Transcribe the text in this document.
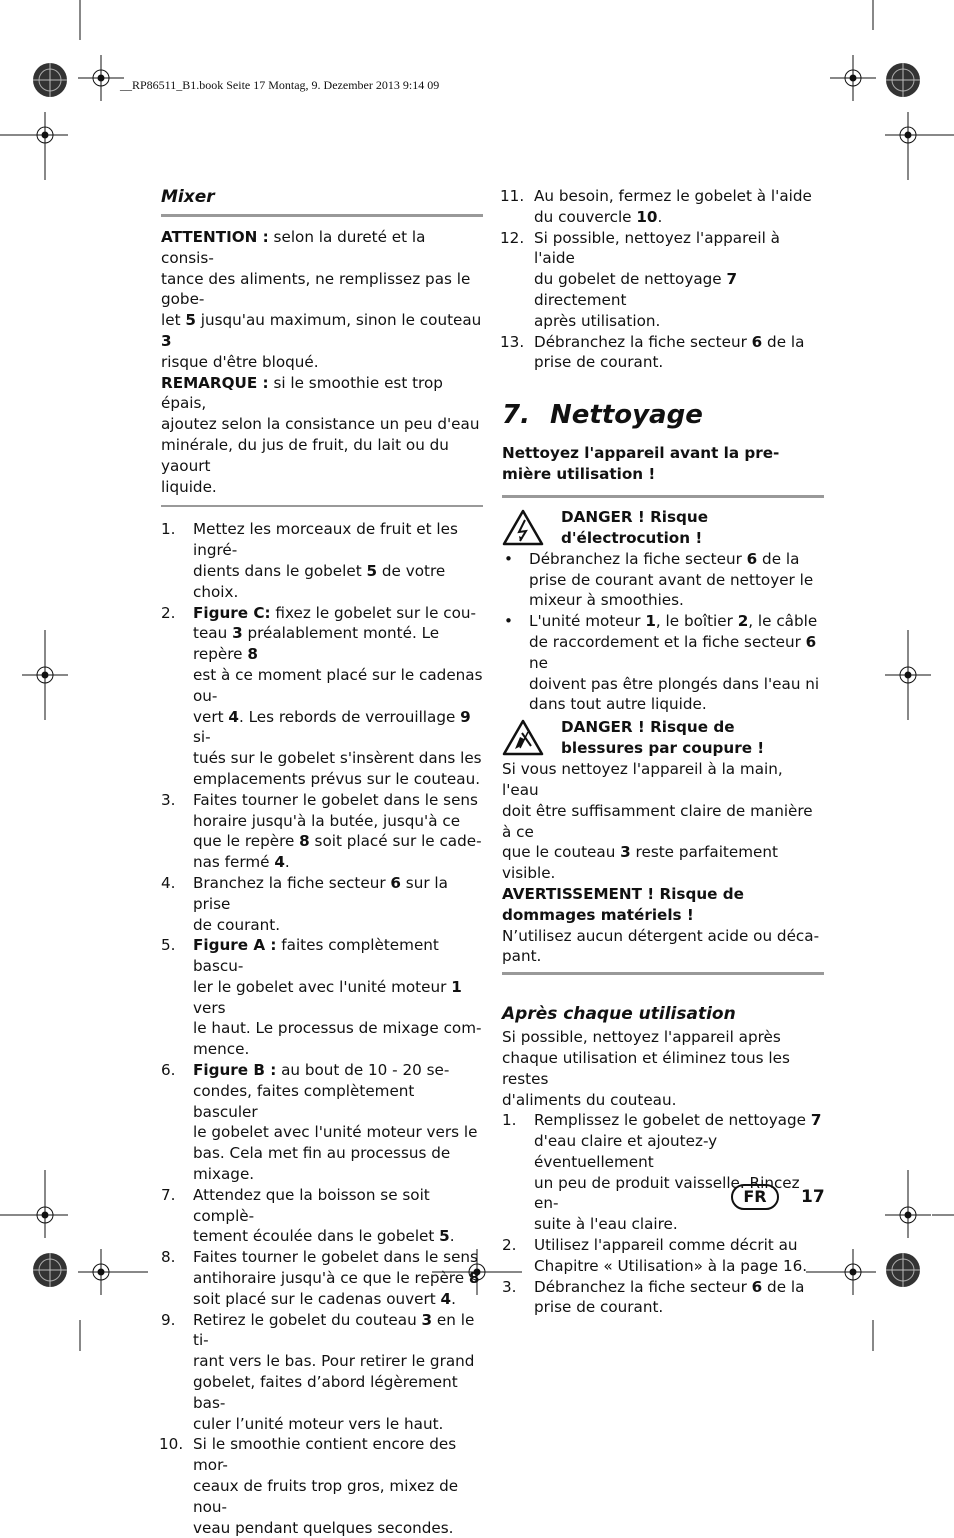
__RP86511_B1.book Seite 17 Montag, 9. Dezember 2013 9:14 09
Mixer

ATTENTION : selon la dureté et la consis-
tance des aliments, ne remplissez pas le gobe-
let 5 jusqu'au maximum, sinon le couteau 3
risque d'être bloqué.

REMARQUE : si le smoothie est trop épais,
ajoutez selon la consistance un peu d'eau
minérale, du jus de fruit, du lait ou du yaourt
liquide.

1. Mettez les morceaux de fruit et les ingré-
dients dans le gobelet 5 de votre choix.
2. Figure C: fixez le gobelet sur le cou-
teau 3 préalablement monté. Le repère 8
est à ce moment placé sur le cadenas ou-
vert 4. Les rebords de verrouillage 9 si-
tués sur le gobelet s'insèrent dans les
emplacements prévus sur le couteau.
3. Faites tourner le gobelet dans le sens
horaire jusqu'à la butée, jusqu'à ce
que le repère 8 soit placé sur le cade-
nas fermé 4.
4. Branchez la fiche secteur 6 sur la prise
de courant.
5. Figure A : faites complètement bascu-
ler le gobelet avec l'unité moteur 1 vers
le haut. Le processus de mixage com-
mence.
6. Figure B : au bout de 10 - 20 se-
condes, faites complètement basculer
le gobelet avec l'unité moteur vers le
bas. Cela met fin au processus de
mixage.
7. Attendez que la boisson se soit complè-
tement écoulée dans le gobelet 5.
8. Faites tourner le gobelet dans le sens
antihoraire jusqu'à ce que le repère 8
soit placé sur le cadenas ouvert 4.
9. Retirez le gobelet du couteau 3 en le ti-
rant vers le bas. Pour retirer le grand
gobelet, faites d’abord légèrement bas-
culer l’unité moteur vers le haut.
10. Si le smoothie contient encore des mor-
ceaux de fruits trop gros, mixez de nou-
veau pendant quelques secondes.
11. Au besoin, fermez le gobelet à l'aide
du couvercle 10.
12. Si possible, nettoyez l'appareil à l'aide
du gobelet de nettoyage 7 directement
après utilisation.
13. Débranchez la fiche secteur 6 de la
prise de courant.
7. Nettoyage

Nettoyez l'appareil avant la pre-
mière utilisation !

DANGER ! Risque
d'électrocution !

• Débranchez la fiche secteur 6 de la
prise de courant avant de nettoyer le
mixeur à smoothies.
• L'unité moteur 1, le boîtier 2, le câble
de raccordement et la fiche secteur 6 ne
doivent pas être plongés dans l'eau ni
dans tout autre liquide.

DANGER ! Risque de
blessures par coupure !

Si vous nettoyez l'appareil à la main, l'eau
doit être suffisamment claire de manière à ce
que le couteau 3 reste parfaitement visible.

AVERTISSEMENT ! Risque de
dommages matériels !

N’utilisez aucun détergent acide ou déca-
pant.

Après chaque utilisation

Si possible, nettoyez l'appareil après
chaque utilisation et éliminez tous les restes
d'aliments du couteau.

1. Remplissez le gobelet de nettoyage 7
d'eau claire et ajoutez-y éventuellement
un peu de produit vaisselle. Rincez en-
suite à l'eau claire.
2. Utilisez l'appareil comme décrit au
Chapitre « Utilisation» à la page 16.
3. Débranchez la fiche secteur 6 de la
prise de courant.
FR	17
